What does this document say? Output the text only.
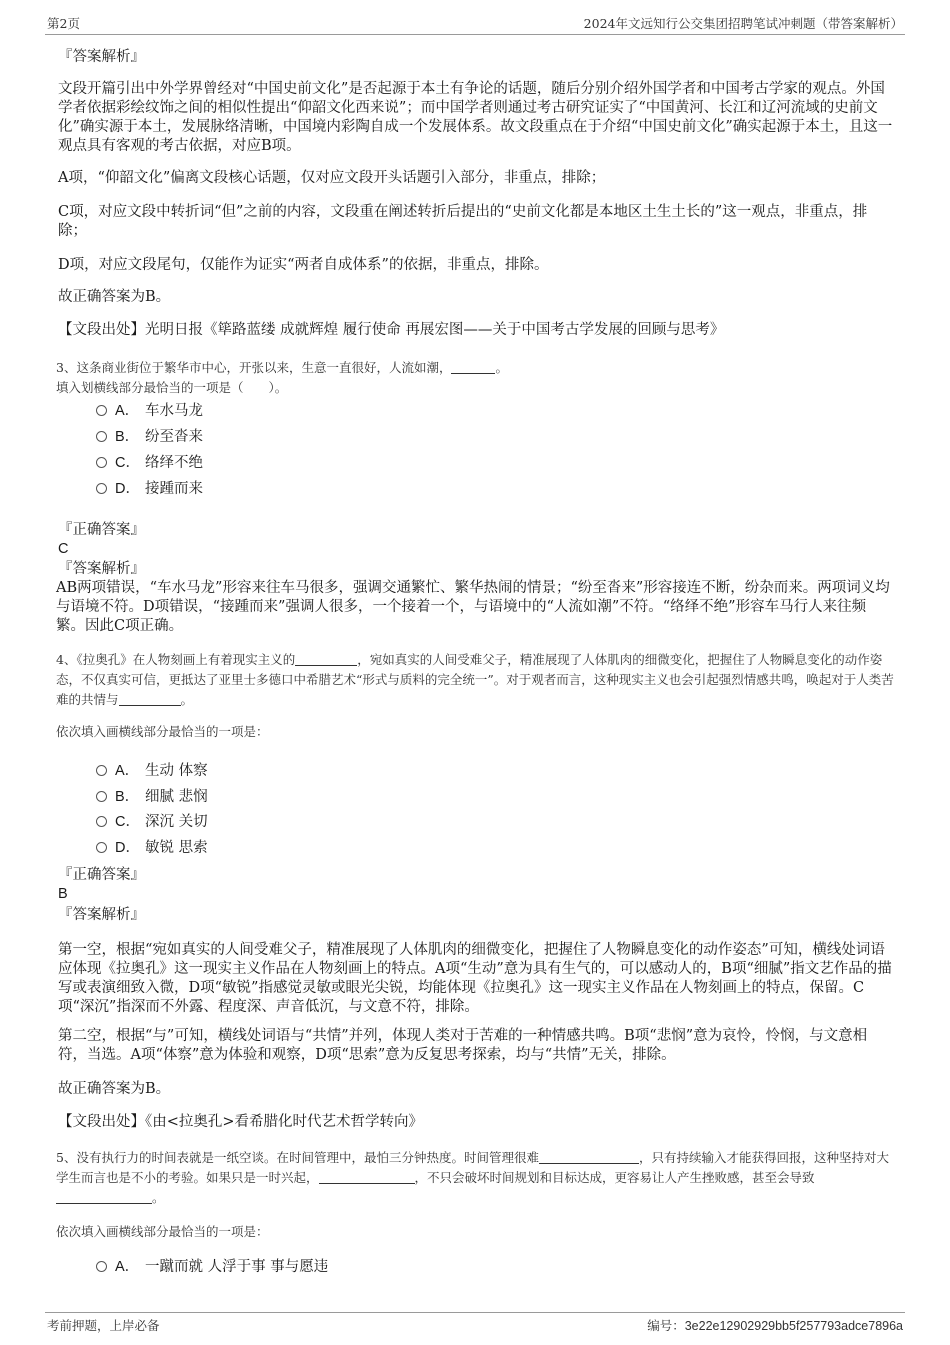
第2页	2024年文远知行公交集团招聘笔试冲刺题（带答案解析）
『答案解析』
文段开篇引出中外学界曾经对“中国史前文化”是否起源于本土有争论的话题，随后分别介绍外国学者和中国考古学家的观点。外国学者依据彩绘纹饰之间的相似性提出“仰韶文化西来说”；而中国学者则通过考古研究证实了“中国黄河、长江和辽河流域的史前文化”确实源于本土，发展脉络清晰，中国境内彩陶自成一个发展体系。故文段重点在于介绍“中国史前文化”确实起源于本土，且这一观点具有客观的考古依据，对应B项。
A项，“仰韶文化”偏离文段核心话题，仅对应文段开头话题引入部分，非重点，排除；
C项，对应文段中转折词“但”之前的内容，文段重在阐述转折后提出的“史前文化都是本地区土生土长的”这一观点，非重点，排除；
D项，对应文段尾句，仅能作为证实“两者自成体系”的依据，非重点，排除。
故正确答案为B。
【文段出处】光明日报《筚路蓝缕 成就辉煌 履行使命 再展宏图——关于中国考古学发展的回顾与思考》
3、这条商业街位于繁华市中心，开张以来，生意一直很好，人流如潮，	。
填入划横线部分最恰当的一项是（　　）。
A． 车水马龙
B． 纷至沓来
C． 络绎不绝
D． 接踵而来
『正确答案』
C
『答案解析』
AB两项错误，“车水马龙”形容来往车马很多，强调交通繁忙、繁华热闹的情景；“纷至沓来”形容接连不断，纷杂而来。两项词义均与语境不符。D项错误，“接踵而来”强调人很多，一个接着一个，与语境中的“人流如潮”不符。“络绎不绝”形容车马行人来往频繁。因此C项正确。
4、《拉奥孔》在人物刻画上有着现实主义的	，宛如真实的人间受难父子，精准展现了人体肌肉的细微变化，把握住了人物瞬息变化的动作姿态，不仅真实可信，更抵达了亚里士多德口中希腊艺术“形式与质料的完全统一”。对于观者而言，这种现实主义也会引起强烈情感共鸣，唤起对于人类苦难的共情与	。
依次填入画横线部分最恰当的一项是：
A． 生动 体察
B． 细腻 悲悯
C． 深沉 关切
D． 敏锐 思索
『正确答案』
B
『答案解析』
第一空，根据“宛如真实的人间受难父子，精准展现了人体肌肉的细微变化，把握住了人物瞬息变化的动作姿态”可知，横线处词语应体现《拉奥孔》这一现实主义作品在人物刻画上的特点。A项“生动”意为具有生气的，可以感动人的，B项“细腻”指文艺作品的描写或表演细致入微，D项“敏锐”指感觉灵敏或眼光尖锐，均能体现《拉奥孔》这一现实主义作品在人物刻画上的特点，保留。C项“深沉”指深而不外露、程度深、声音低沉，与文意不符，排除。
第二空，根据“与”可知，横线处词语与“共情”并列，体现人类对于苦难的一种情感共鸣。B项“悲悯”意为哀怜，怜悯，与文意相符，当选。A项“体察”意为体验和观察，D项“思索”意为反复思考探索，均与“共情”无关，排除。
故正确答案为B。
【文段出处】《由<拉奥孔>看希腊化时代艺术哲学转向》
5、没有执行力的时间表就是一纸空谈。在时间管理中，最怕三分钟热度。时间管理很难	，只有持续输入才能获得回报，这种坚持对大学生而言也是不小的考验。如果只是一时兴起，	，不只会破坏时间规划和目标达成，更容易让人产生挫败感，甚至会导致。
依次填入画横线部分最恰当的一项是：
A． 一蹴而就 人浮于事 事与愿违
考前押题，上岸必备	编号：3e22e12902929bb5f257793adce7896a
